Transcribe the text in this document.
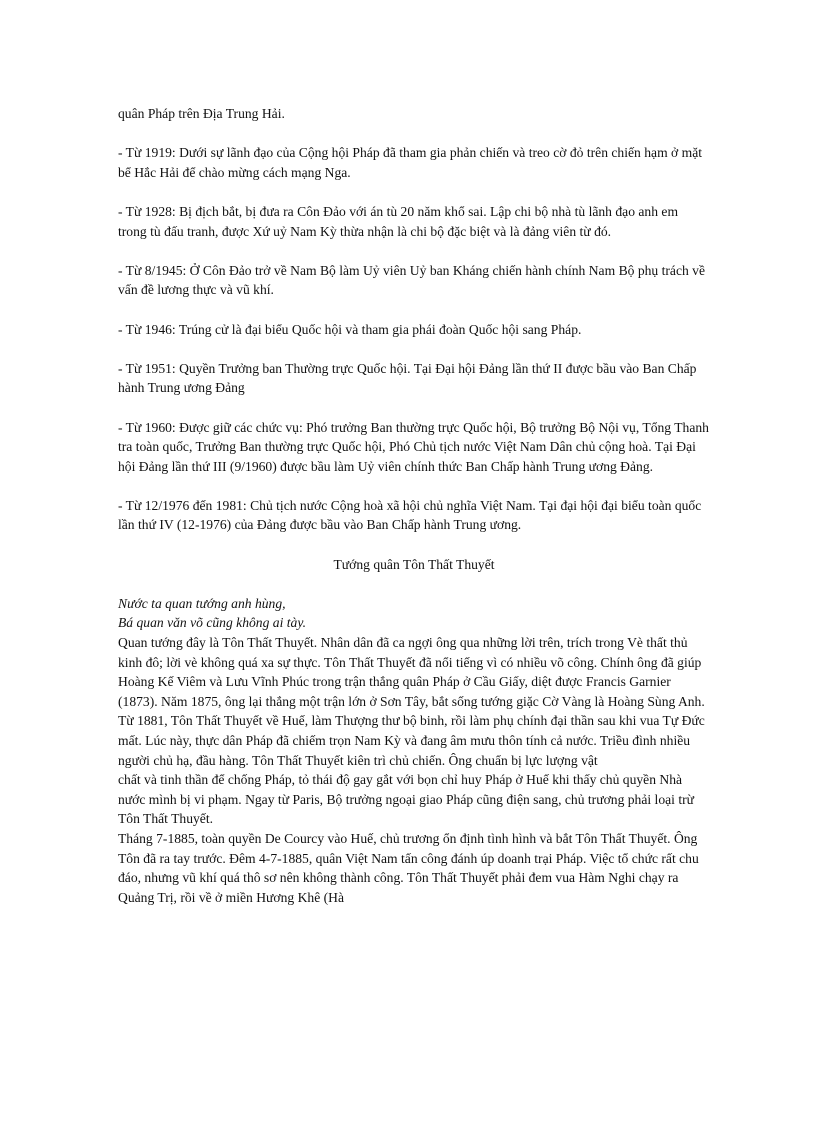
quân Pháp trên Địa Trung Hải.

- Từ 1919: Dưới sự lãnh đạo của Cộng hội Pháp đã tham gia phản chiến và treo cờ đỏ trên chiến hạm ở mặt bể Hắc Hải để chào mừng cách mạng Nga.

- Từ 1928: Bị địch bắt, bị đưa ra Côn Đảo với án tù 20 năm khổ sai. Lập chi bộ nhà tù lãnh đạo anh em trong tù đấu tranh, được Xứ uỷ Nam Kỳ thừa nhận là chi bộ đặc biệt và là đảng viên từ đó.

- Từ 8/1945: Ở Côn Đảo trở về Nam Bộ làm Uỷ viên Uỷ ban Kháng chiến hành chính Nam Bộ phụ trách về vấn đề lương thực và vũ khí.

- Từ 1946: Trúng cử là đại biểu Quốc hội và tham gia phái đoàn Quốc hội sang Pháp.

- Từ 1951: Quyền Trưởng ban Thường trực Quốc hội. Tại Đại hội Đảng lần thứ II được bầu vào Ban Chấp hành Trung ương Đảng

- Từ 1960: Được giữ các chức vụ: Phó trưởng Ban thường trực Quốc hội, Bộ trưởng Bộ Nội vụ, Tổng Thanh tra toàn quốc, Trưởng Ban thường trực Quốc hội, Phó Chủ tịch nước Việt Nam Dân chủ cộng hoà. Tại Đại hội Đảng lần thứ III (9/1960) được bầu làm Uỷ viên chính thức Ban Chấp hành Trung ương Đảng.

- Từ 12/1976 đến 1981: Chủ tịch nước Cộng hoà xã hội chủ nghĩa Việt Nam. Tại đại hội đại biểu toàn quốc lần thứ IV (12-1976) của Đảng được bầu vào Ban Chấp hành Trung ương.

Tướng quân Tôn Thất Thuyết

Nước ta quan tướng anh hùng,

Bá quan văn võ cũng không ai tày.

Quan tướng đây là Tôn Thất Thuyết. Nhân dân đã ca ngợi ông qua những lời trên, trích trong Vè thất thủ kinh đô; lời vè không quá xa sự thực. Tôn Thất Thuyết đã nổi tiếng vì có nhiều võ công. Chính ông đã giúp Hoàng Kế Viêm và Lưu Vĩnh Phúc trong trận thắng quân Pháp ở Cầu Giấy, diệt được Francis Garnier (1873). Năm 1875, ông lại thắng một trận lớn ở Sơn Tây, bắt sống tướng giặc Cờ Vàng là Hoàng Sùng Anh.

Từ 1881, Tôn Thất Thuyết về Huế, làm Thượng thư bộ binh, rồi làm phụ chính đại thần sau khi vua Tự Đức mất. Lúc này, thực dân Pháp đã chiếm trọn Nam Kỳ và đang âm mưu thôn tính cả nước. Triều đình nhiều người chủ hạ, đầu hàng. Tôn Thất Thuyết kiên trì chủ chiến. Ông chuẩn bị lực lượng vật

chất và tinh thần để chống Pháp, tỏ thái độ gay gắt với bọn chỉ huy Pháp ở Huế khi thấy chủ quyền Nhà nước mình bị vi phạm. Ngay từ Paris, Bộ trưởng ngoại giao Pháp cũng điện sang, chủ trương phải loại trừ Tôn Thất Thuyết.

Tháng 7-1885, toàn quyền De Courcy vào Huế, chủ trương ổn định tình hình và bắt Tôn Thất Thuyết. Ông Tôn đã ra tay trước. Đêm 4-7-1885, quân Việt Nam tấn công đánh úp doanh trại Pháp. Việc tổ chức rất chu đáo, nhưng vũ khí quá thô sơ nên không thành công. Tôn Thất Thuyết phải đem vua Hàm Nghi chạy ra Quảng Trị, rồi về ở miền Hương Khê (Hà
